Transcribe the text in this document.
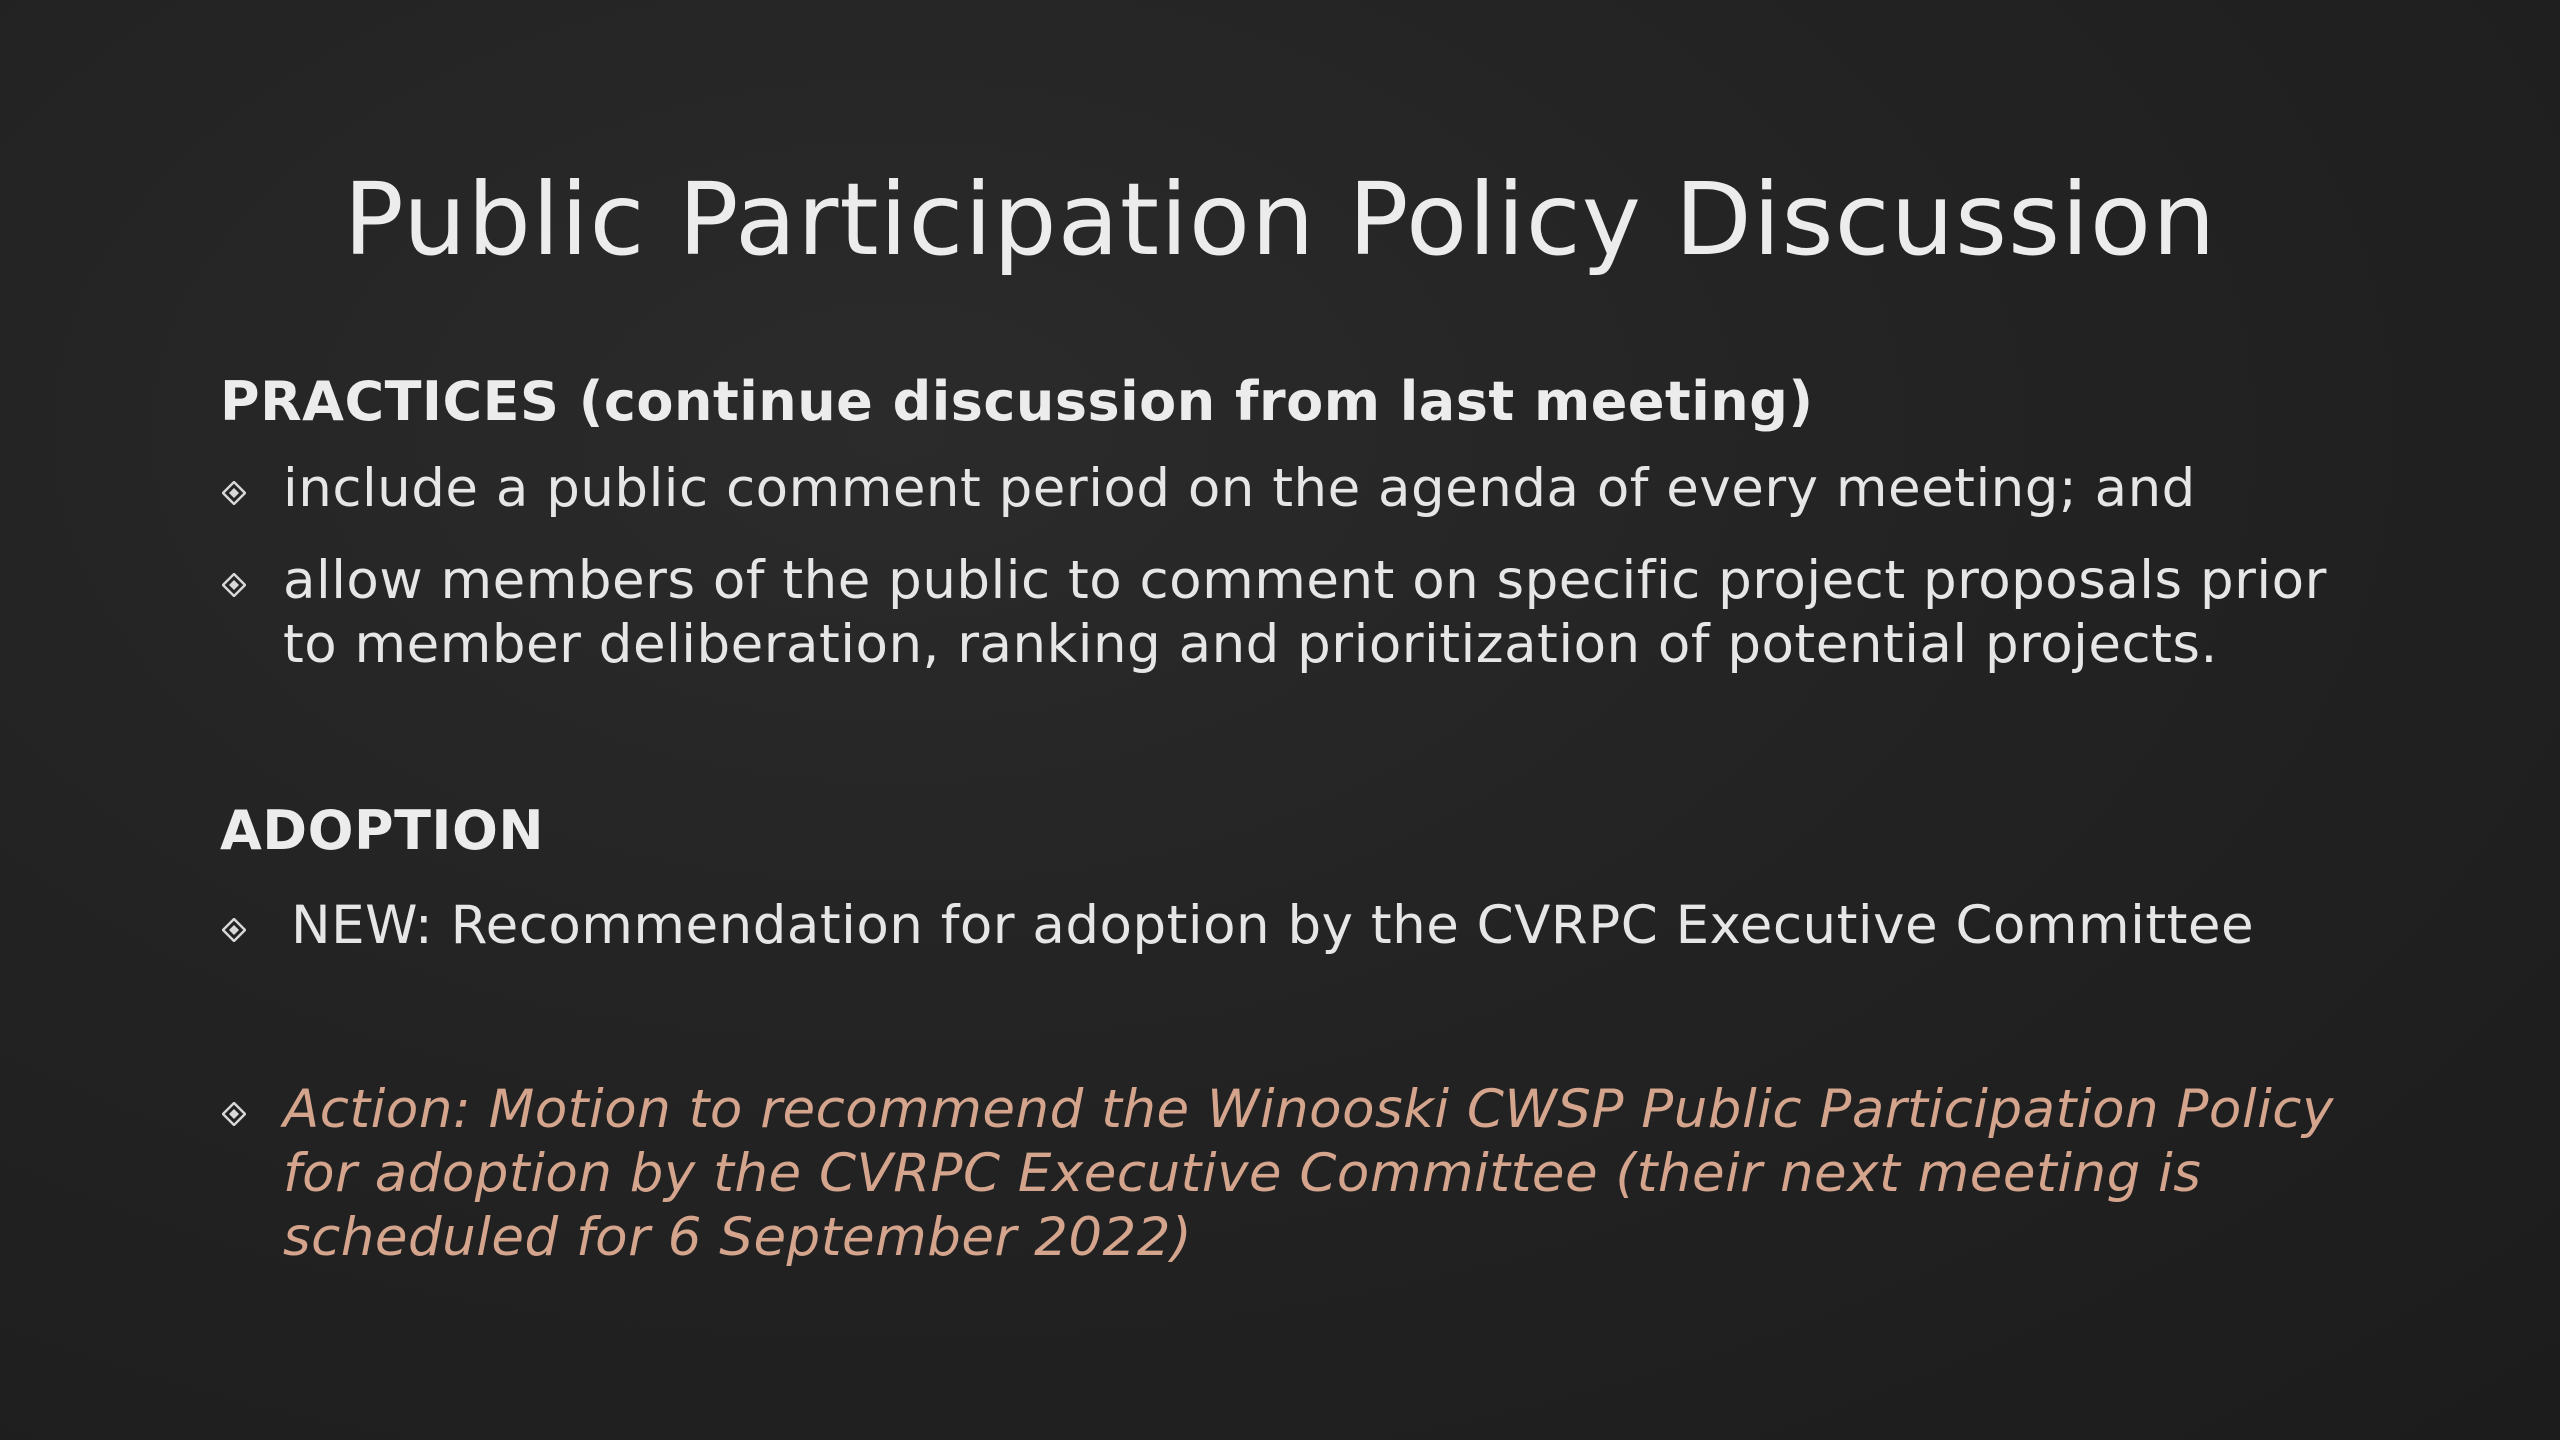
Public Participation Policy Discussion
PRACTICES (continue discussion from last meeting)
include a public comment period on the agenda of every meeting; and
allow members of the public to comment on specific project proposals prior to member deliberation, ranking and prioritization of potential projects.
ADOPTION
NEW: Recommendation for adoption by the CVRPC Executive Committee
Action: Motion to recommend the Winooski CWSP Public Participation Policy for adoption by the CVRPC Executive Committee (their next meeting is scheduled for 6 September 2022)
